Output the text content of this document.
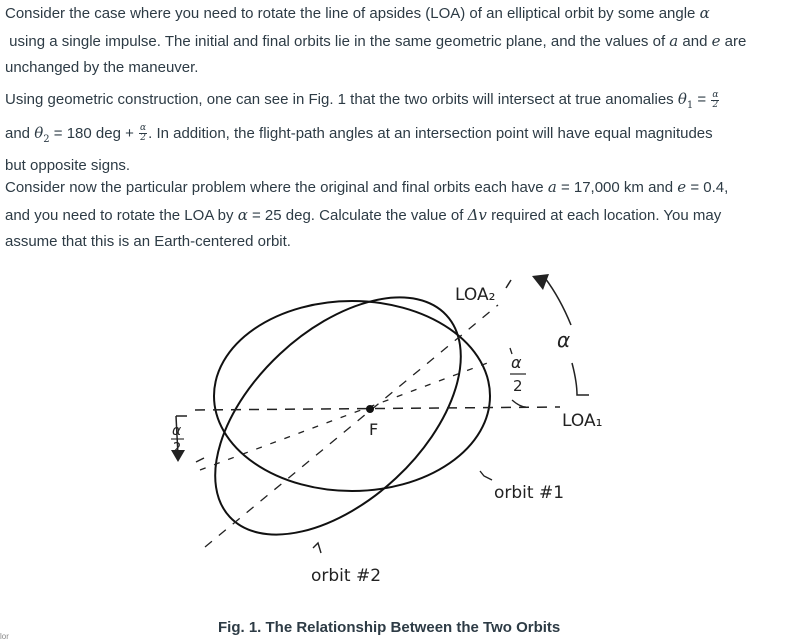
Consider the case where you need to rotate the line of apsides (LOA) of an elliptical orbit by some angle α
using a single impulse. The initial and final orbits lie in the same geometric plane, and the values of a and e are
unchanged by the maneuver.

Using geometric construction, one can see in Fig. 1 that the two orbits will intersect at true anomalies $\theta_1 = \frac{\alpha}{2}$

and $\theta_2 = 180$ deg + $\frac{\alpha}{2}$ . In addition, the flight-path angles at an intersection point will have equal magnitudes
but opposite signs.

Consider now the particular problem where the original and final orbits each have a = 17,000 km and e = 0.4,
and you need to rotate the LOA by α = 25 deg. Calculate the value of Δv required at each location. You may
assume that this is an Earth-centered orbit.

LOA₂
α
α
2
LOA₁
F
α
2
orbit #1
orbit #2
Fig. 1. The Relationship Between the Two Orbits
lor
